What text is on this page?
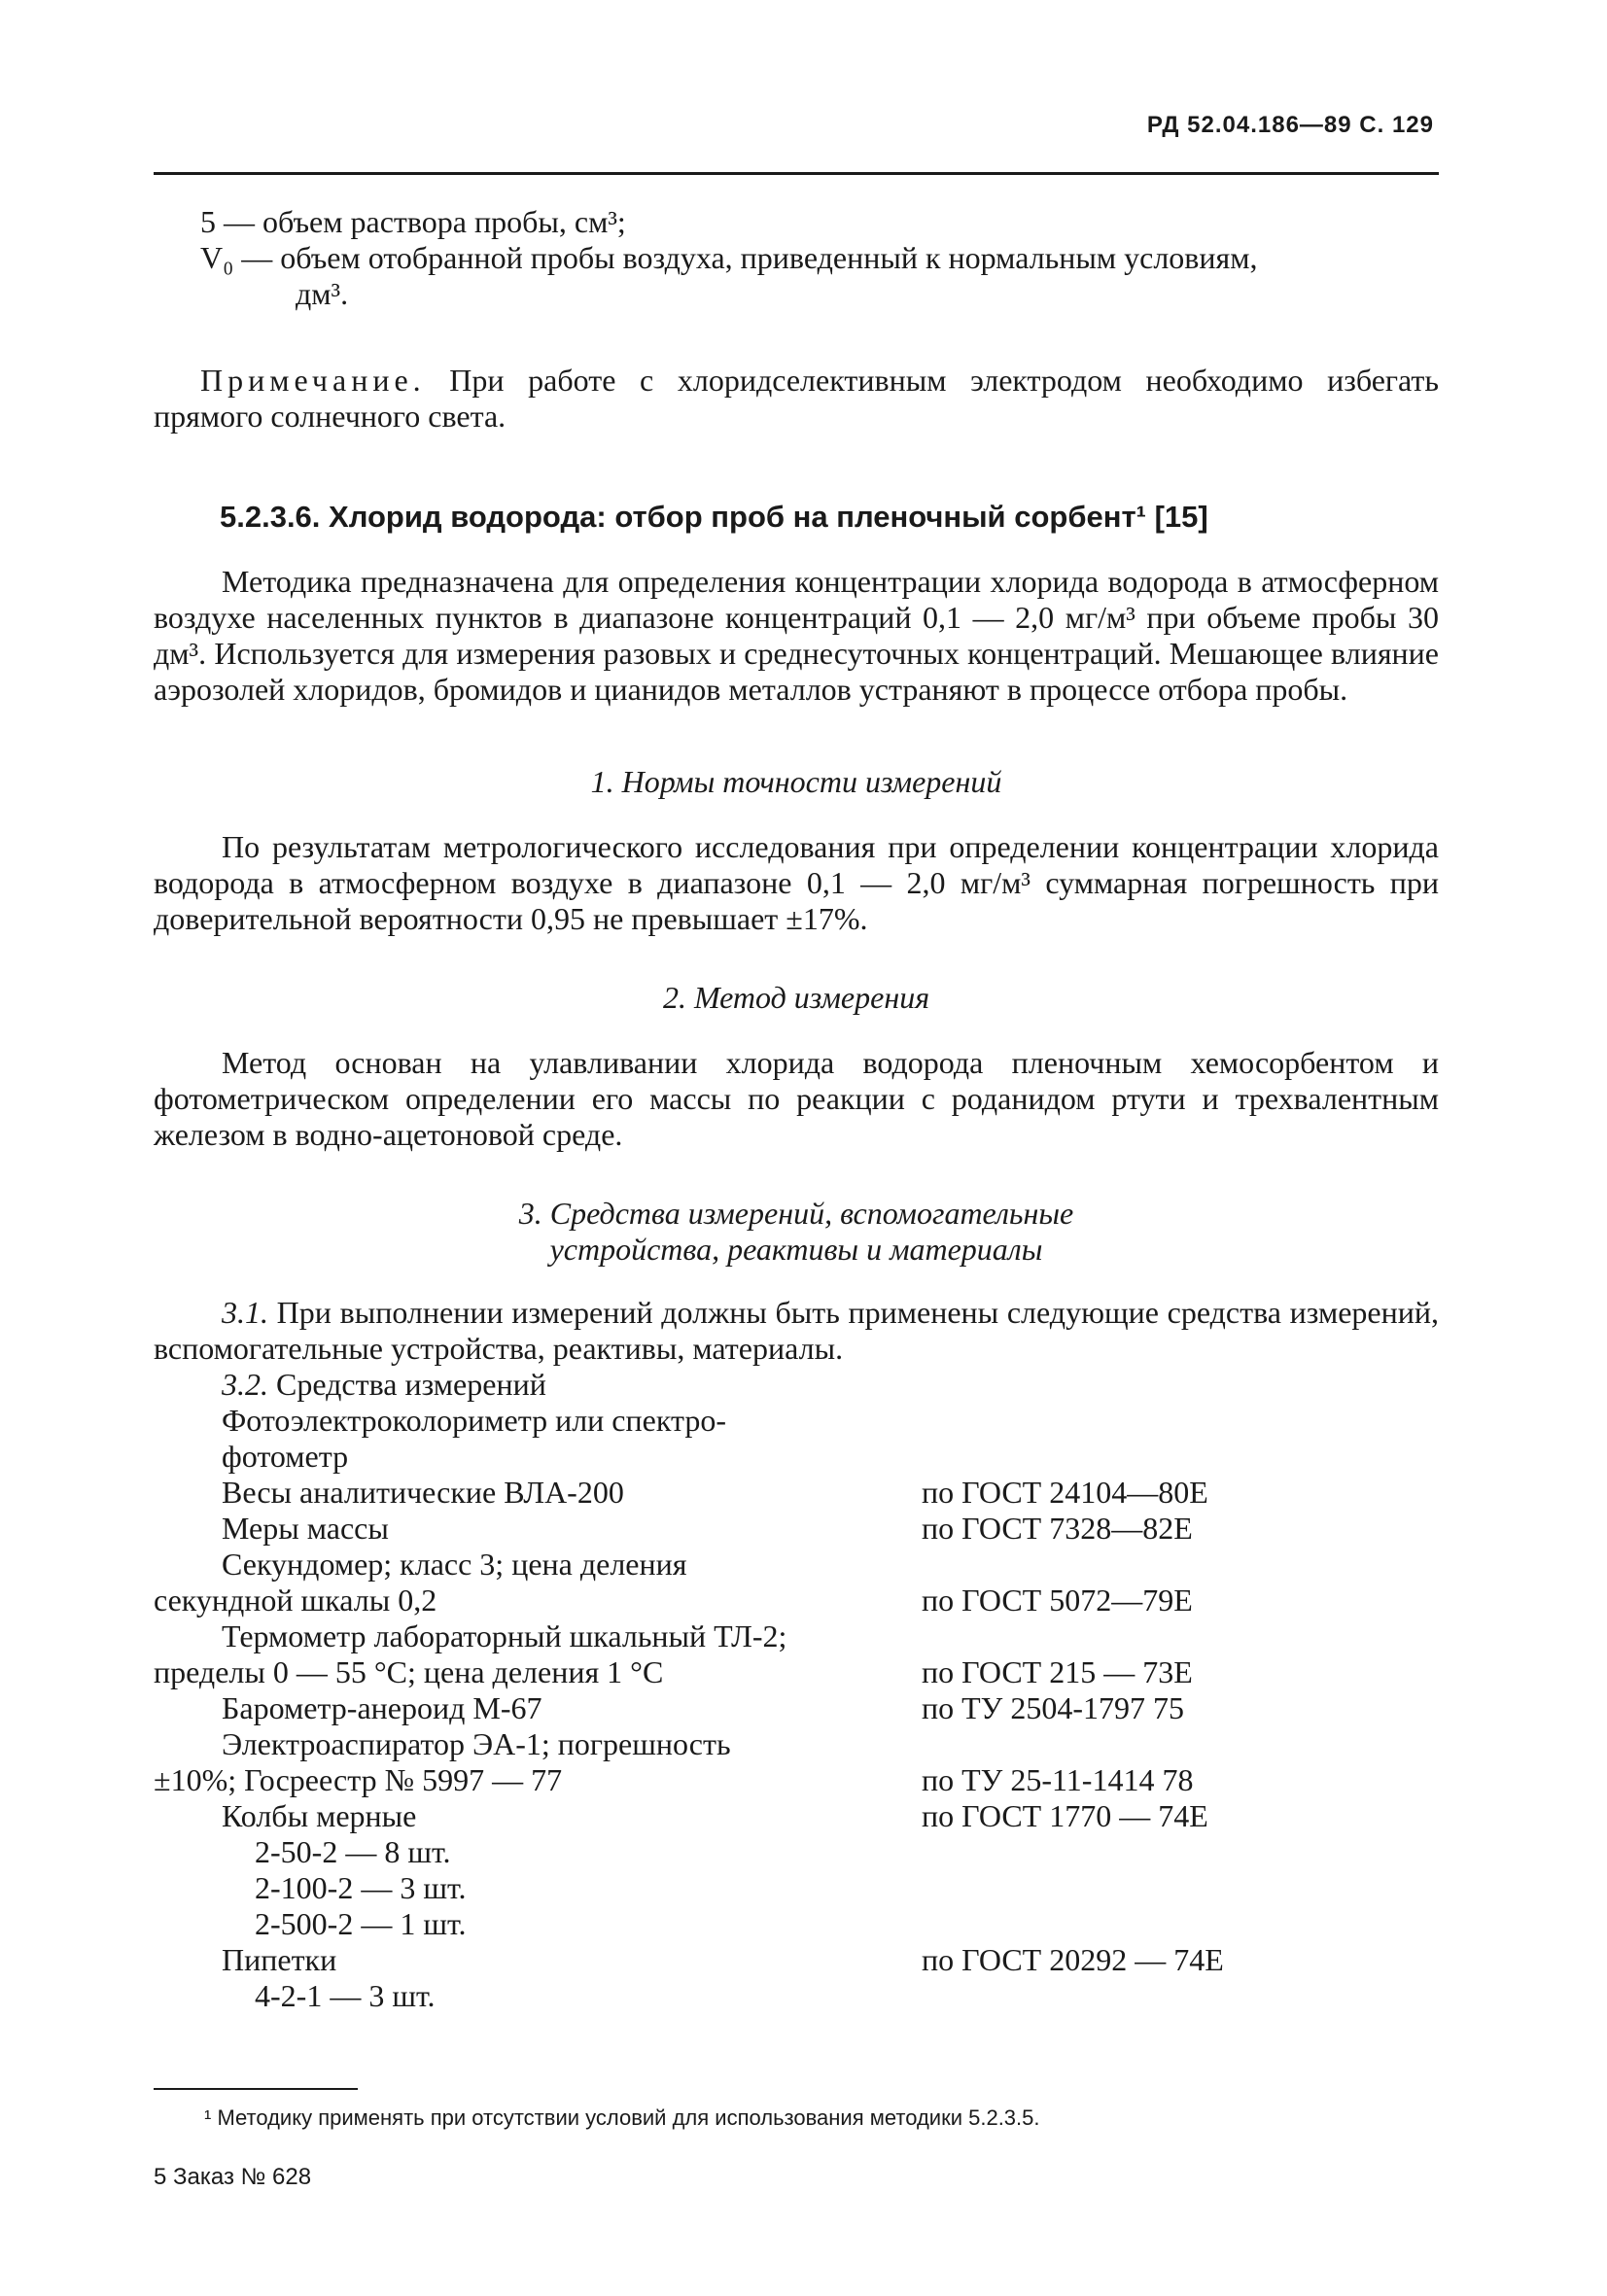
РД 52.04.186—89 С. 129

5 — объем раствора пробы, см³;

V₀ — объем отобранной пробы воздуха, приведенный к нормальным условиям,

дм³.

Примечание. При работе с хлоридселективным электродом необходимо избегать прямого солнечного света.

5.2.3.6. Хлорид водорода: отбор проб на пленочный сорбент¹ [15]

Методика предназначена для определения концентрации хлорида водорода в атмосферном воздухе населенных пунктов в диапазоне концентраций 0,1 — 2,0 мг/м³ при объеме пробы 30 дм³. Используется для измерения разовых и среднесуточных концентраций. Мешающее влияние аэрозолей хлоридов, бромидов и цианидов металлов устраняют в процессе отбора пробы.

1. Нормы точности измерений

По результатам метрологического исследования при определении концентрации хлорида водорода в атмосферном воздухе в диапазоне 0,1 — 2,0 мг/м³ суммарная погрешность при доверительной вероятности 0,95 не превышает ±17%.

2. Метод измерения

Метод основан на улавливании хлорида водорода пленочным хемосорбентом и фотометрическом определении его массы по реакции с роданидом ртути и трехвалентным железом в водно-ацетоновой среде.

3. Средства измерений, вспомогательные
устройства, реактивы и материалы

3.1. При выполнении измерений должны быть применены следующие средства измерений, вспомогательные устройства, реактивы, материалы.

3.2. Средства измерений

Фотоэлектроколориметр или спектро-
фотометр
Весы аналитические ВЛА-200	по ГОСТ 24104—80Е
Меры массы	по ГОСТ 7328—82Е
Секундомер; класс 3; цена деления
секундной шкалы 0,2	по ГОСТ 5072—79Е
Термометр лабораторный шкальный ТЛ-2;
пределы 0 — 55 °С; цена деления 1 °С	по ГОСТ 215 — 73Е
Барометр-анероид М-67	по ТУ 2504-1797 75
Электроаспиратор ЭА-1; погрешность
±10%; Госреестр № 5997 — 77	по ТУ 25-11-1414 78
Колбы мерные	по ГОСТ 1770 — 74Е
2-50-2 — 8 шт.
2-100-2 — 3 шт.
2-500-2 — 1 шт.
Пипетки	по ГОСТ 20292 — 74Е
4-2-1 — 3 шт.
¹ Методику применять при отсутствии условий для использования методики 5.2.3.5.
5 Заказ № 628
